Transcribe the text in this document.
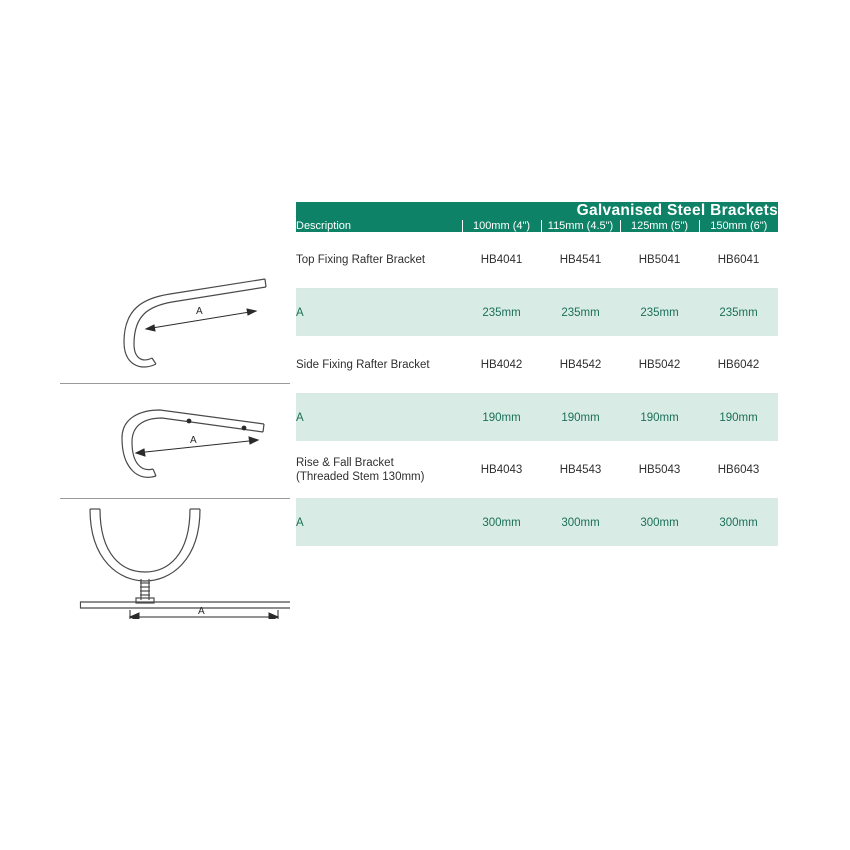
A
A
A
Galvanised Steel Brackets				
Description	100mm (4")	115mm (4.5")	125mm (5")	150mm (6")
Top Fixing Rafter Bracket	HB4041	HB4541	HB5041	HB6041
A	235mm	235mm	235mm	235mm
Side Fixing Rafter Bracket	HB4042	HB4542	HB5042	HB6042
A	190mm	190mm	190mm	190mm

Rise & Fall Bracket
(Threaded Stem 130mm)	HB4043	HB4543	HB5043	HB6043
A	300mm	300mm	300mm	300mm
